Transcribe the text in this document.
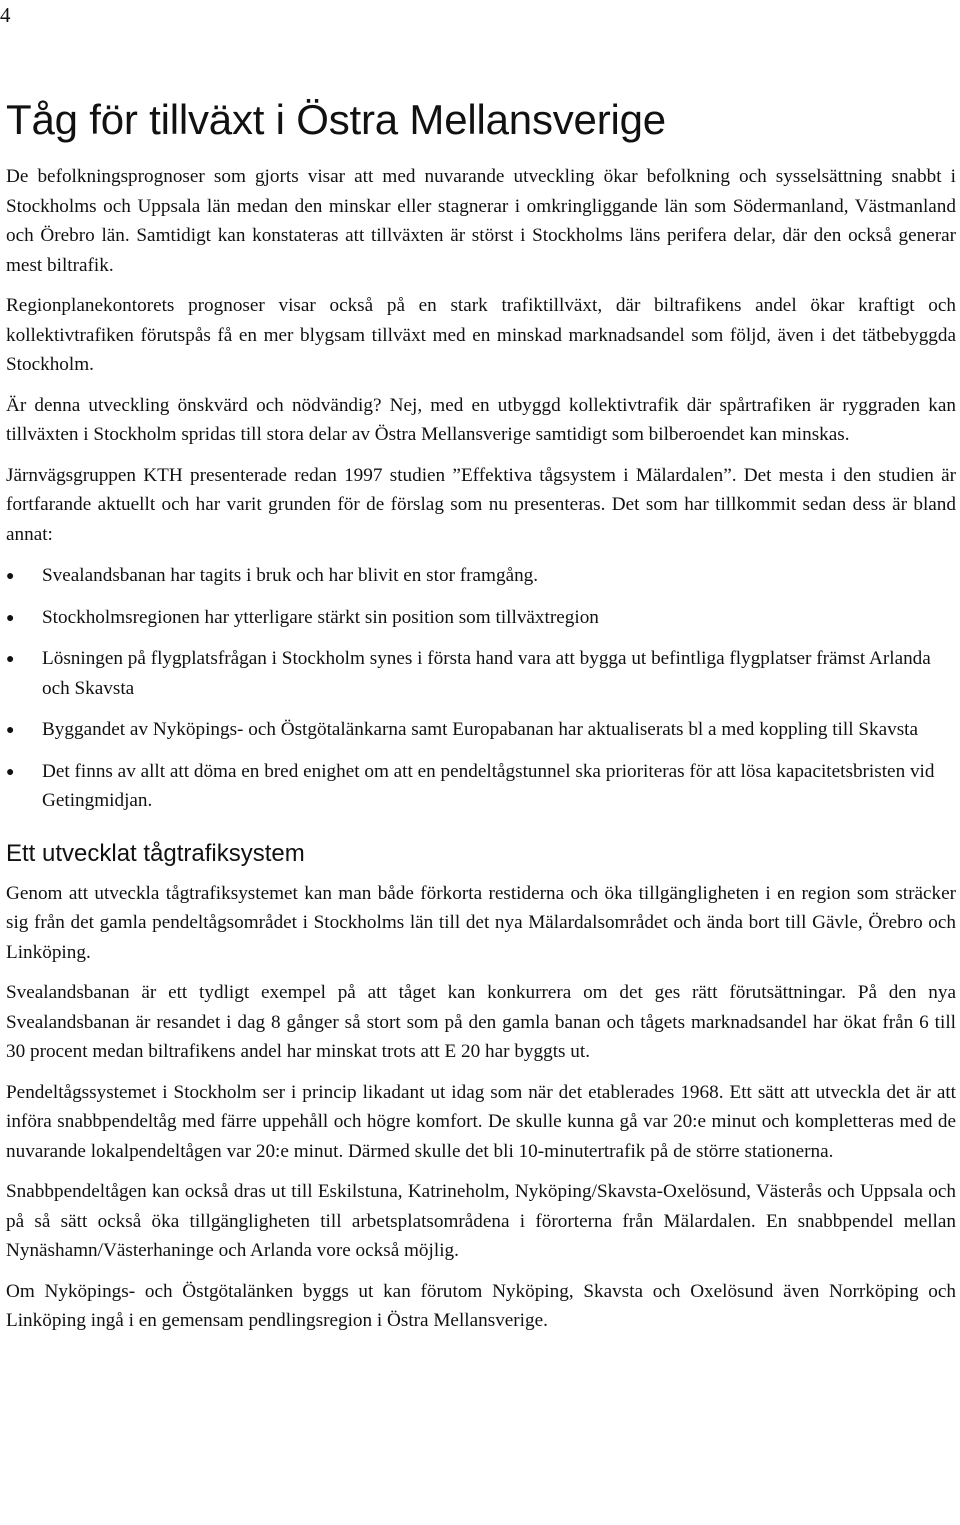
4

Tåg för tillväxt i Östra Mellansverige

De befolkningsprognoser som gjorts visar att med nuvarande utveckling ökar befolkning och sysselsättning snabbt i Stockholms och Uppsala län medan den minskar eller stagnerar i omkringliggande län som Södermanland, Västmanland och Örebro län. Samtidigt kan konstateras att tillväxten är störst i Stockholms läns perifera delar, där den också generar mest biltrafik.

Regionplanekontorets prognoser visar också på en stark trafiktillväxt, där biltrafikens andel ökar kraftigt och kollektivtrafiken förutspås få en mer blygsam tillväxt med en minskad marknadsandel som följd, även i det tätbebyggda Stockholm.

Är denna utveckling önskvärd och nödvändig? Nej, med en utbyggd kollektivtrafik där spårtrafiken är ryggraden kan tillväxten i Stockholm spridas till stora delar av Östra Mellansverige samtidigt som bilberoendet kan minskas.

Järnvägsgruppen KTH presenterade redan 1997 studien ”Effektiva tågsystem i Mälardalen”. Det mesta i den studien är fortfarande aktuellt och har varit grunden för de förslag som nu presenteras. Det som har tillkommit sedan dess är bland annat:

●	Svealandsbanan har tagits i bruk och har blivit en stor framgång.
●	Stockholmsregionen har ytterligare stärkt sin position som tillväxtregion
●	Lösningen på flygplatsfrågan i Stockholm synes i första hand vara att bygga ut befintliga flygplatser främst Arlanda och Skavsta
●	Byggandet av Nyköpings- och Östgötalänkarna samt Europabanan har aktualiserats bl a med koppling till Skavsta
●	Det finns av allt att döma en bred enighet om att en pendeltågstunnel ska prioriteras för att lösa kapacitetsbristen vid Getingmidjan.
Ett utvecklat tågtrafiksystem

Genom att utveckla tågtrafiksystemet kan man både förkorta restiderna och öka tillgängligheten i en region som sträcker sig från det gamla pendeltågsområdet i Stockholms län till det nya Mälardalsområdet och ända bort till Gävle, Örebro och Linköping.

Svealandsbanan är ett tydligt exempel på att tåget kan konkurrera om det ges rätt förutsättningar. På den nya Svealandsbanan är resandet i dag 8 gånger så stort som på den gamla banan och tågets marknadsandel har ökat från 6 till 30 procent medan biltrafikens andel har minskat trots att E 20 har byggts ut.

Pendeltågssystemet i Stockholm ser i princip likadant ut idag som när det etablerades 1968. Ett sätt att utveckla det är att införa snabbpendeltåg med färre uppehåll och högre komfort. De skulle kunna gå var 20:e minut och kompletteras med de nuvarande lokalpendeltågen var 20:e minut. Därmed skulle det bli 10-minutertrafik på de större stationerna.

Snabbpendeltågen kan också dras ut till Eskilstuna, Katrineholm, Nyköping/Skavsta-Oxelösund, Västerås och Uppsala och på så sätt också öka tillgängligheten till arbetsplatsområdena i förorterna från Mälardalen. En snabbpendel mellan Nynäshamn/Västerhaninge och Arlanda vore också möjlig.

Om Nyköpings- och Östgötalänken byggs ut kan förutom Nyköping, Skavsta och Oxelösund även Norrköping och Linköping ingå i en gemensam pendlingsregion i Östra Mellansverige.
